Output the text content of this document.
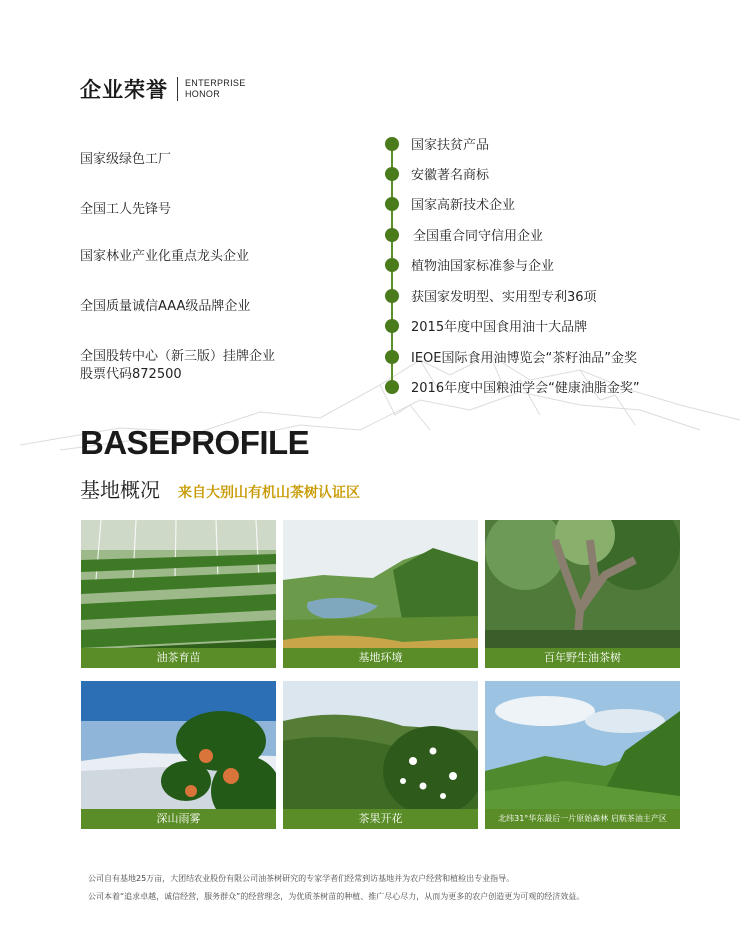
企业荣誉 ENTERPRISE
HONOR
国家级绿色工厂
全国工人先锋号
国家林业产业化重点龙头企业
全国质量诚信AAA级品牌企业
全国股转中心（新三版）挂牌企业
股票代码872500
国家扶贫产品
安徽著名商标
国家高新技术企业
全国重合同守信用企业
植物油国家标准参与企业
获国家发明型、实用型专利36项
2015年度中国食用油十大品牌
IEOE国际食用油博览会“茶籽油品”金奖
2016年度中国粮油学会“健康油脂金奖”
BASEPROFILE
基地概况 来自大别山有机山茶树认证区
油茶育苗	基地环境	百年野生油茶树
深山雨雾	茶果开花	北纬31°华东最后一片原始森林 启航茶油主产区
公司自有基地25万亩，大团结农业股份有限公司油茶树研究的专家学者们经常到访基地并为农户经营和植检出专业指导。
公司本着“追求卓越，诚信经营，服务群众”的经营理念，为优质茶树苗的种植、推广尽心尽力，从而为更多的农户创造更为可观的经济效益。
